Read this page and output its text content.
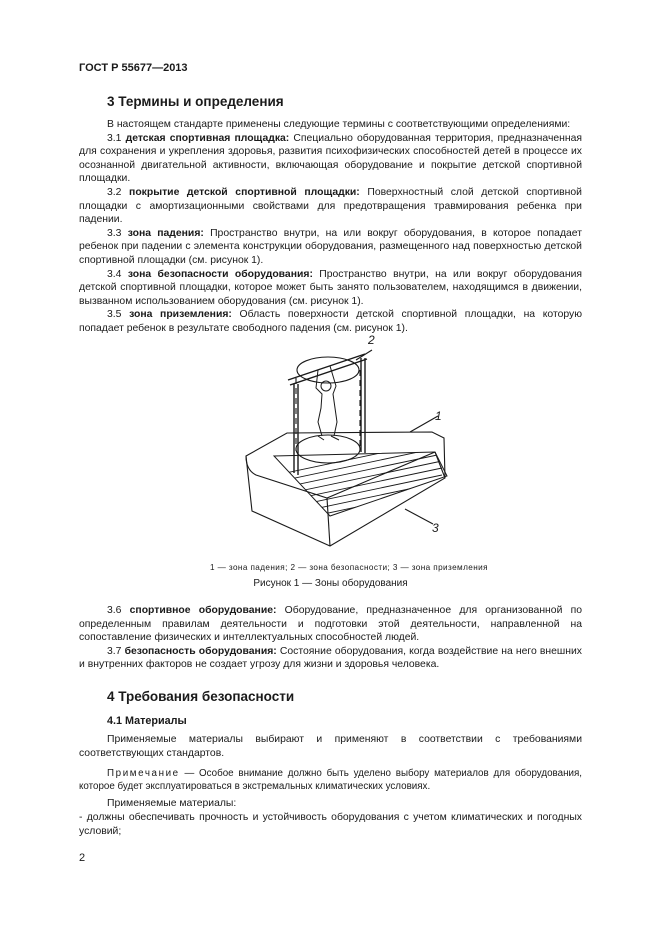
ГОСТ Р 55677—2013
3 Термины и определения

В настоящем стандарте применены следующие термины с соответствующими определениями:

3.1 детская спортивная площадка: Специально оборудованная территория, предназначенная для сохранения и укрепления здоровья, развития психофизических способностей детей в процессе их осознанной двигательной активности, включающая оборудование и покрытие детской спортивной площадки.

3.2 покрытие детской спортивной площадки: Поверхностный слой детской спортивной площадки с амортизационными свойствами для предотвращения травмирования ребенка при падении.

3.3 зона падения: Пространство внутри, на или вокруг оборудования, в которое попадает ребенок при падении с элемента конструкции оборудования, размещенного над поверхностью детской спортивной площадки (см. рисунок 1).

3.4 зона безопасности оборудования: Пространство внутри, на или вокруг оборудования детской спортивной площадки, которое может быть занято пользователем, находящимся в движении, вызванном использованием оборудования (см. рисунок 1).

3.5 зона приземления: Область поверхности детской спортивной площадки, на которую попадает ребенок в результате свободного падения (см. рисунок 1).

2
1
3
1 — зона падения; 2 — зона безопасности; 3 — зона приземления
Рисунок 1 — Зоны оборудования

3.6 спортивное оборудование: Оборудование, предназначенное для организованной по определенным правилам деятельности и подготовки этой деятельности, направленной на сопоставление физических и интеллектуальных способностей людей.

3.7 безопасность оборудования: Состояние оборудования, когда воздействие на него внешних и внутренних факторов не создает угрозу для жизни и здоровья человека.

4 Требования безопасности
4.1 Материалы

Применяемые материалы выбирают и применяют в соответствии с требованиями соответствующих стандартов.

Примечание — Особое внимание должно быть уделено выбору материалов для оборудования, которое будет эксплуатироваться в экстремальных климатических условиях.

Применяемые материалы:

- должны обеспечивать прочность и устойчивость оборудования с учетом климатических и погодных условий;

2
